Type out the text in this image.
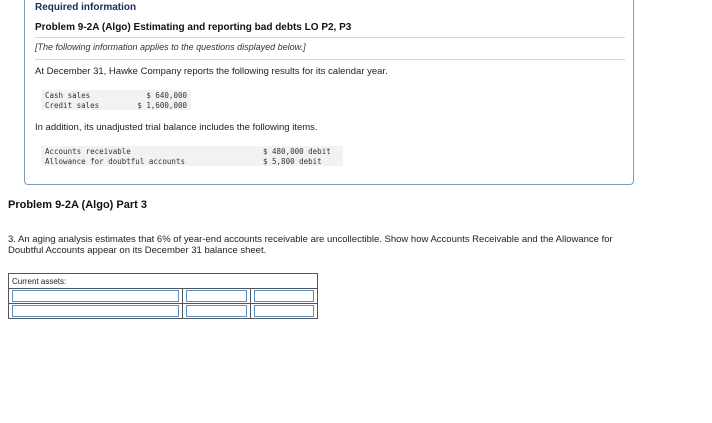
Required information
Problem 9-2A (Algo) Estimating and reporting bad debts LO P2, P3
[The following information applies to the questions displayed below.]
At December 31, Hawke Company reports the following results for its calendar year.
Cash sales	$ 640,000
Credit sales	$ 1,600,000
In addition, its unadjusted trial balance includes the following items.
Accounts receivable	$ 480,000 debit
Allowance for doubtful accounts	$ 5,800 debit
Problem 9-2A (Algo) Part 3
3. An aging analysis estimates that 6% of year-end accounts receivable are uncollectible. Show how Accounts Receivable and the Allowance for Doubtful Accounts appear on its December 31 balance sheet.
Current assets:		
